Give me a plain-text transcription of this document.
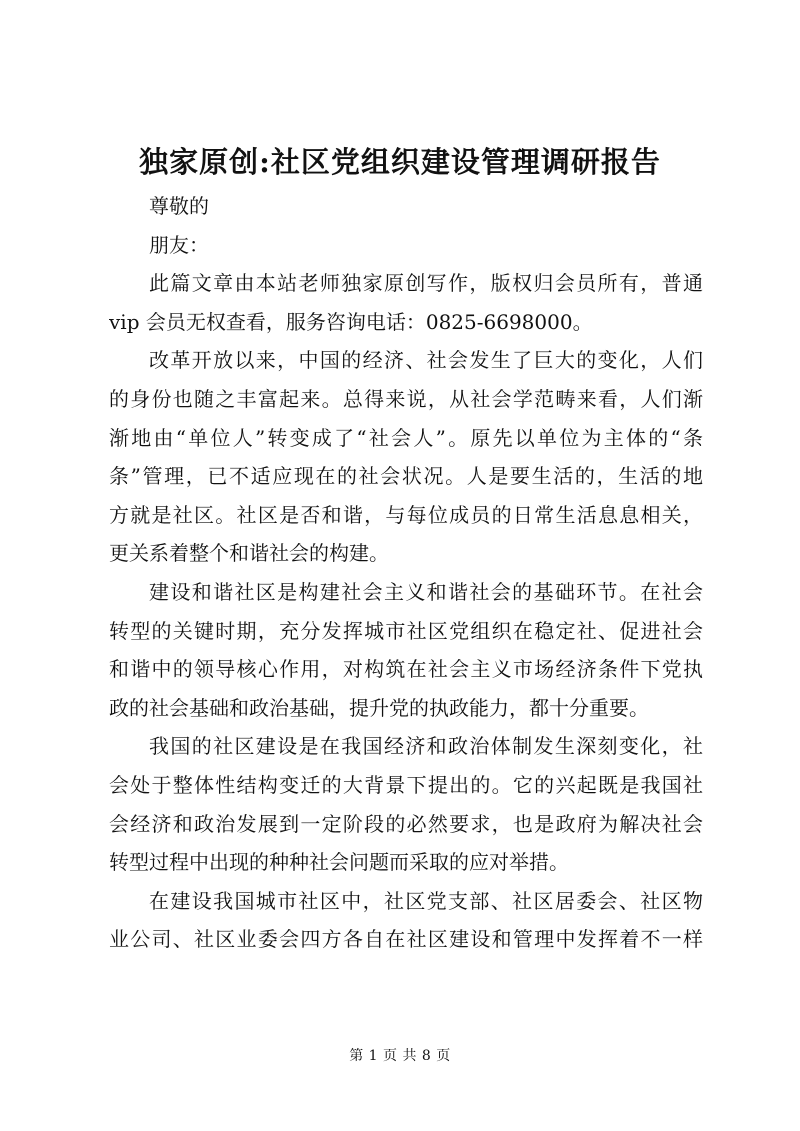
独家原创:社区党组织建设管理调研报告
尊敬的
朋友：
此篇文章由本站老师独家原创写作，版权归会员所有，普通
vip 会员无权查看，服务咨询电话：0825-6698000。
改革开放以来，中国的经济、社会发生了巨大的变化，人们
的身份也随之丰富起来。总得来说，从社会学范畴来看，人们渐
渐地由“单位人”转变成了“社会人”。原先以单位为主体的“条
条”管理，已不适应现在的社会状况。人是要生活的，生活的地
方就是社区。社区是否和谐，与每位成员的日常生活息息相关，
更关系着整个和谐社会的构建。
建设和谐社区是构建社会主义和谐社会的基础环节。在社会
转型的关键时期，充分发挥城市社区党组织在稳定社、促进社会
和谐中的领导核心作用，对构筑在社会主义市场经济条件下党执
政的社会基础和政治基础，提升党的执政能力，都十分重要。
我国的社区建设是在我国经济和政治体制发生深刻变化，社
会处于整体性结构变迁的大背景下提出的。它的兴起既是我国社
会经济和政治发展到一定阶段的必然要求，也是政府为解决社会
转型过程中出现的种种社会问题而采取的应对举措。
在建设我国城市社区中，社区党支部、社区居委会、社区物
业公司、社区业委会四方各自在社区建设和管理中发挥着不一样
第 1 页 共 8 页
